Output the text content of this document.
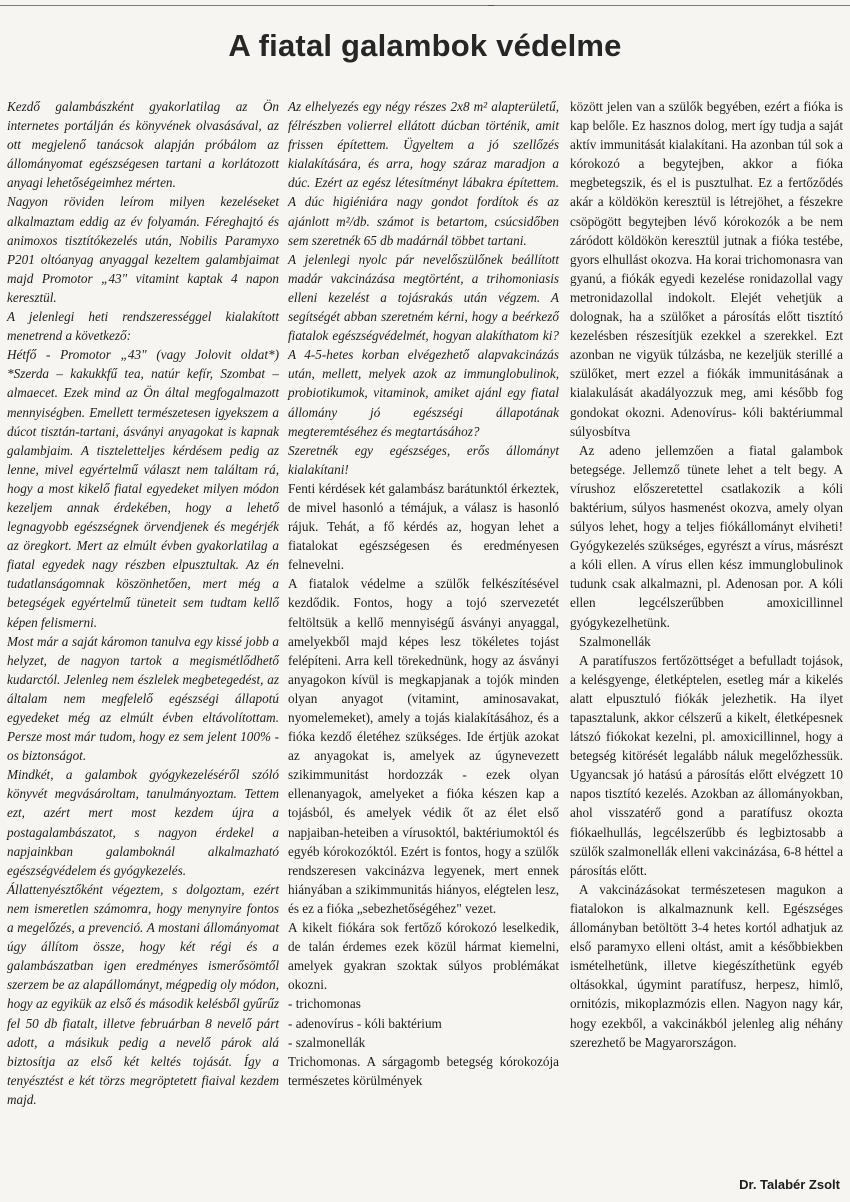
A fiatal galambok védelme

Kezdő galambászként gyakorlatilag az Ön internetes portálján és könyvének olvasásával, az ott megjelenő tanácsok alapján próbálom az állományomat egészségesen tartani a korlátozott anyagi lehetőségeimhez mérten.

Nagyon röviden leírom milyen kezeléseket alkalmaztam eddig az év folyamán. Féreghajtó és animoxos tisztítókezelés után, Nobilis Paramyxo P201 oltóanyag anyaggal kezeltem galambjaimat majd Promotor „43" vitamint kaptak 4 napon keresztül.

A jelenlegi heti rendszerességgel kialakított menetrend a következő:

Hétfő - Promotor „43" (vagy Jolovit oldat*) *Szerda – kakukkfű tea, natúr kefír, Szombat – almaecet. Ezek mind az Ön által megfogalmazott mennyiségben. Emellett természetesen igyekszem a dúcot tisztán-tartani, ásványi anyagokat is kapnak galambjaim. A tiszteletteljes kérdésem pedig az lenne, mivel egyértelmű választ nem találtam rá, hogy a most kikelő fiatal egyedeket milyen módon kezeljem annak érdekében, hogy a lehető legnagyobb egészségnek örvendjenek és megérjék az öregkort. Mert az elmúlt évben gyakorlatilag a fiatal egyedek nagy részben elpusztultak. Az én tudatlanságomnak köszönhetően, mert még a betegségek egyértelmű tüneteit sem tudtam kellő képen felismerni.

Most már a saját káromon tanulva egy kissé jobb a helyzet, de nagyon tartok a megismétlődhető kudarctól. Jelenleg nem észlelek megbetegedést, az általam nem megfelelő egészségi állapotú egyedeket még az elmúlt évben eltávolítottam. Persze most már tudom, hogy ez sem jelent 100% -os biztonságot.

Mindkét, a galambok gyógykezeléséről szóló könyvét megvásároltam, tanulmányoztam. Tettem ezt, azért mert most kezdem újra a postagalambászatot, s nagyon érdekel a napjainkban galamboknál alkalmazható egészségvédelem és gyógykezelés.

Állattenyésztőként végeztem, s dolgoztam, ezért nem ismeretlen számomra, hogy menynyire fontos a megelőzés, a prevenció. A mostani állományomat úgy állítom össze, hogy két régi és a galambászatban igen eredményes ismerősömtől szerzem be az alapállományt, mégpedig oly módon, hogy az egyikük az első és második kelésből gyűrűz fel 50 db fiatalt, illetve februárban 8 nevelő párt adott, a másikuk pedig a nevelő párok alá biztosítja az első két keltés tojását. Így a tenyésztést e két törzs megröptetett fiaival kezdem majd.

Az elhelyezés egy négy részes 2x8 m² alapterületű, félrészben volierrel ellátott dúcban történik, amit frissen építettem. Ügyeltem a jó szellőzés kialakítására, és arra, hogy száraz maradjon a dúc. Ezért az egész létesítményt lábakra építettem. A dúc higiéniára nagy gondot fordítok és az ajánlott m²/db. számot is betartom, csúcsidőben sem szeretnék 65 db madárnál többet tartani.

A jelenlegi nyolc pár nevelőszülőnek beállított madár vakcinázása megtörtént, a trihomoniasis elleni kezelést a tojásrakás után végzem. A segítségét abban szeretném kérni, hogy a beérkező fiatalok egészségvédelmét, hogyan alakíthatom ki? A 4-5-hetes korban elvégezhető alapvakcinázás után, mellett, melyek azok az immunglobulinok, probiotikumok, vitaminok, amiket ajánl egy fiatal állomány jó egészségi állapotának megteremtéséhez és megtartásához?

Szeretnék egy egészséges, erős állományt kialakítani!

Fenti kérdések két galambász barátunktól érkeztek, de mivel hasonló a témájuk, a válasz is hasonló rájuk. Tehát, a fő kérdés az, hogyan lehet a fiatalokat egészségesen és eredményesen felnevelni.

A fiatalok védelme a szülők felkészítésével kezdődik. Fontos, hogy a tojó szervezetét feltöltsük a kellő mennyiségű ásványi anyaggal, amelyekből majd képes lesz tökéletes tojást felépíteni. Arra kell törekednünk, hogy az ásványi anyagokon kívül is megkapjanak a tojók minden olyan anyagot (vitamint, aminosavakat, nyomelemeket), amely a tojás kialakításához, és a fióka kezdő életéhez szükséges. Ide értjük azokat az anyagokat is, amelyek az úgynevezett szikimmunitást hordozzák - ezek olyan ellenanyagok, amelyeket a fióka készen kap a tojásból, és amelyek védik őt az élet első napjaiban-heteiben a vírusoktól, baktériumoktól és egyéb kórokozóktól. Ezért is fontos, hogy a szülők rendszeresen vakcinázva legyenek, mert ennek hiányában a szikimmunitás hiányos, elégtelen lesz, és ez a fióka „sebezhetőségéhez" vezet.

A kikelt fiókára sok fertőző kórokozó leselkedik, de talán érdemes ezek közül hármat kiemelni, amelyek gyakran szoktak súlyos problémákat okozni.

- trichomonas

- adenovírus - kóli baktérium

- szalmonellák

Trichomonas. A sárgagomb betegség kórokozója természetes körülmények

között jelen van a szülők begyében, ezért a fióka is kap belőle. Ez hasznos dolog, mert így tudja a saját aktív immunitását kialakítani. Ha azonban túl sok a kórokozó a begytejben, akkor a fióka megbetegszik, és el is pusztulhat. Ez a fertőződés akár a köldökön keresztül is létrejöhet, a fészekre csöpögött begytejben lévő kórokozók a be nem záródott köldökön keresztül jutnak a fióka testébe, gyors elhullást okozva. Ha korai trichomonasra van gyanú, a fiókák egyedi kezelése ronidazollal vagy metronidazollal indokolt. Elejét vehetjük a dolognak, ha a szülőket a párosítás előtt tisztító kezelésben részesítjük ezekkel a szerekkel. Ezt azonban ne vigyük túlzásba, ne kezeljük sterillé a szülőket, mert ezzel a fiókák immunitásának a kialakulását akadályozzuk meg, ami később fog gondokat okozni. Adenovírus- kóli baktériummal súlyosbítva

Az adeno jellemzően a fiatal galambok betegsége. Jellemző tünete lehet a telt begy. A vírushoz előszeretettel csatlakozik a kóli baktérium, súlyos hasmenést okozva, amely olyan súlyos lehet, hogy a teljes fiókállományt elviheti! Gyógykezelés szükséges, egyrészt a vírus, másrészt a kóli ellen. A vírus ellen kész immunglobulinok tudunk csak alkalmazni, pl. Adenosan por. A kóli ellen legcélszerűbben amoxicillinnel gyógykezelhetünk.

Szalmonellák

A paratífuszos fertőzöttséget a befulladt tojások, a kelésgyenge, életképtelen, esetleg már a kikelés alatt elpusztuló fiókák jelezhetik. Ha ilyet tapasztalunk, akkor célszerű a kikelt, életképesnek látszó fiókokat kezelni, pl. amoxicillinnel, hogy a betegség kitörését legalább náluk megelőzhessük. Ugyancsak jó hatású a párosítás előtt elvégzett 10 napos tisztító kezelés. Azokban az állományokban, ahol visszatérő gond a paratífusz okozta fiókaelhullás, legcélszerűbb és legbiztosabb a szülők szalmonellák elleni vakcinázása, 6-8 héttel a párosítás előtt.

A vakcinázásokat természetesen magukon a fiatalokon is alkalmaznunk kell. Egészséges állományban betöltött 3-4 hetes kortól adhatjuk az első paramyxo elleni oltást, amit a későbbiekben ismételhetünk, illetve kiegészíthetünk egyéb oltásokkal, úgymint paratífusz, herpesz, himlő, ornitózis, mikoplazmózis ellen. Nagyon nagy kár, hogy ezekből, a vakcinákból jelenleg alig néhány szerezhető be Magyarországon.

Dr. Talabér Zsolt
